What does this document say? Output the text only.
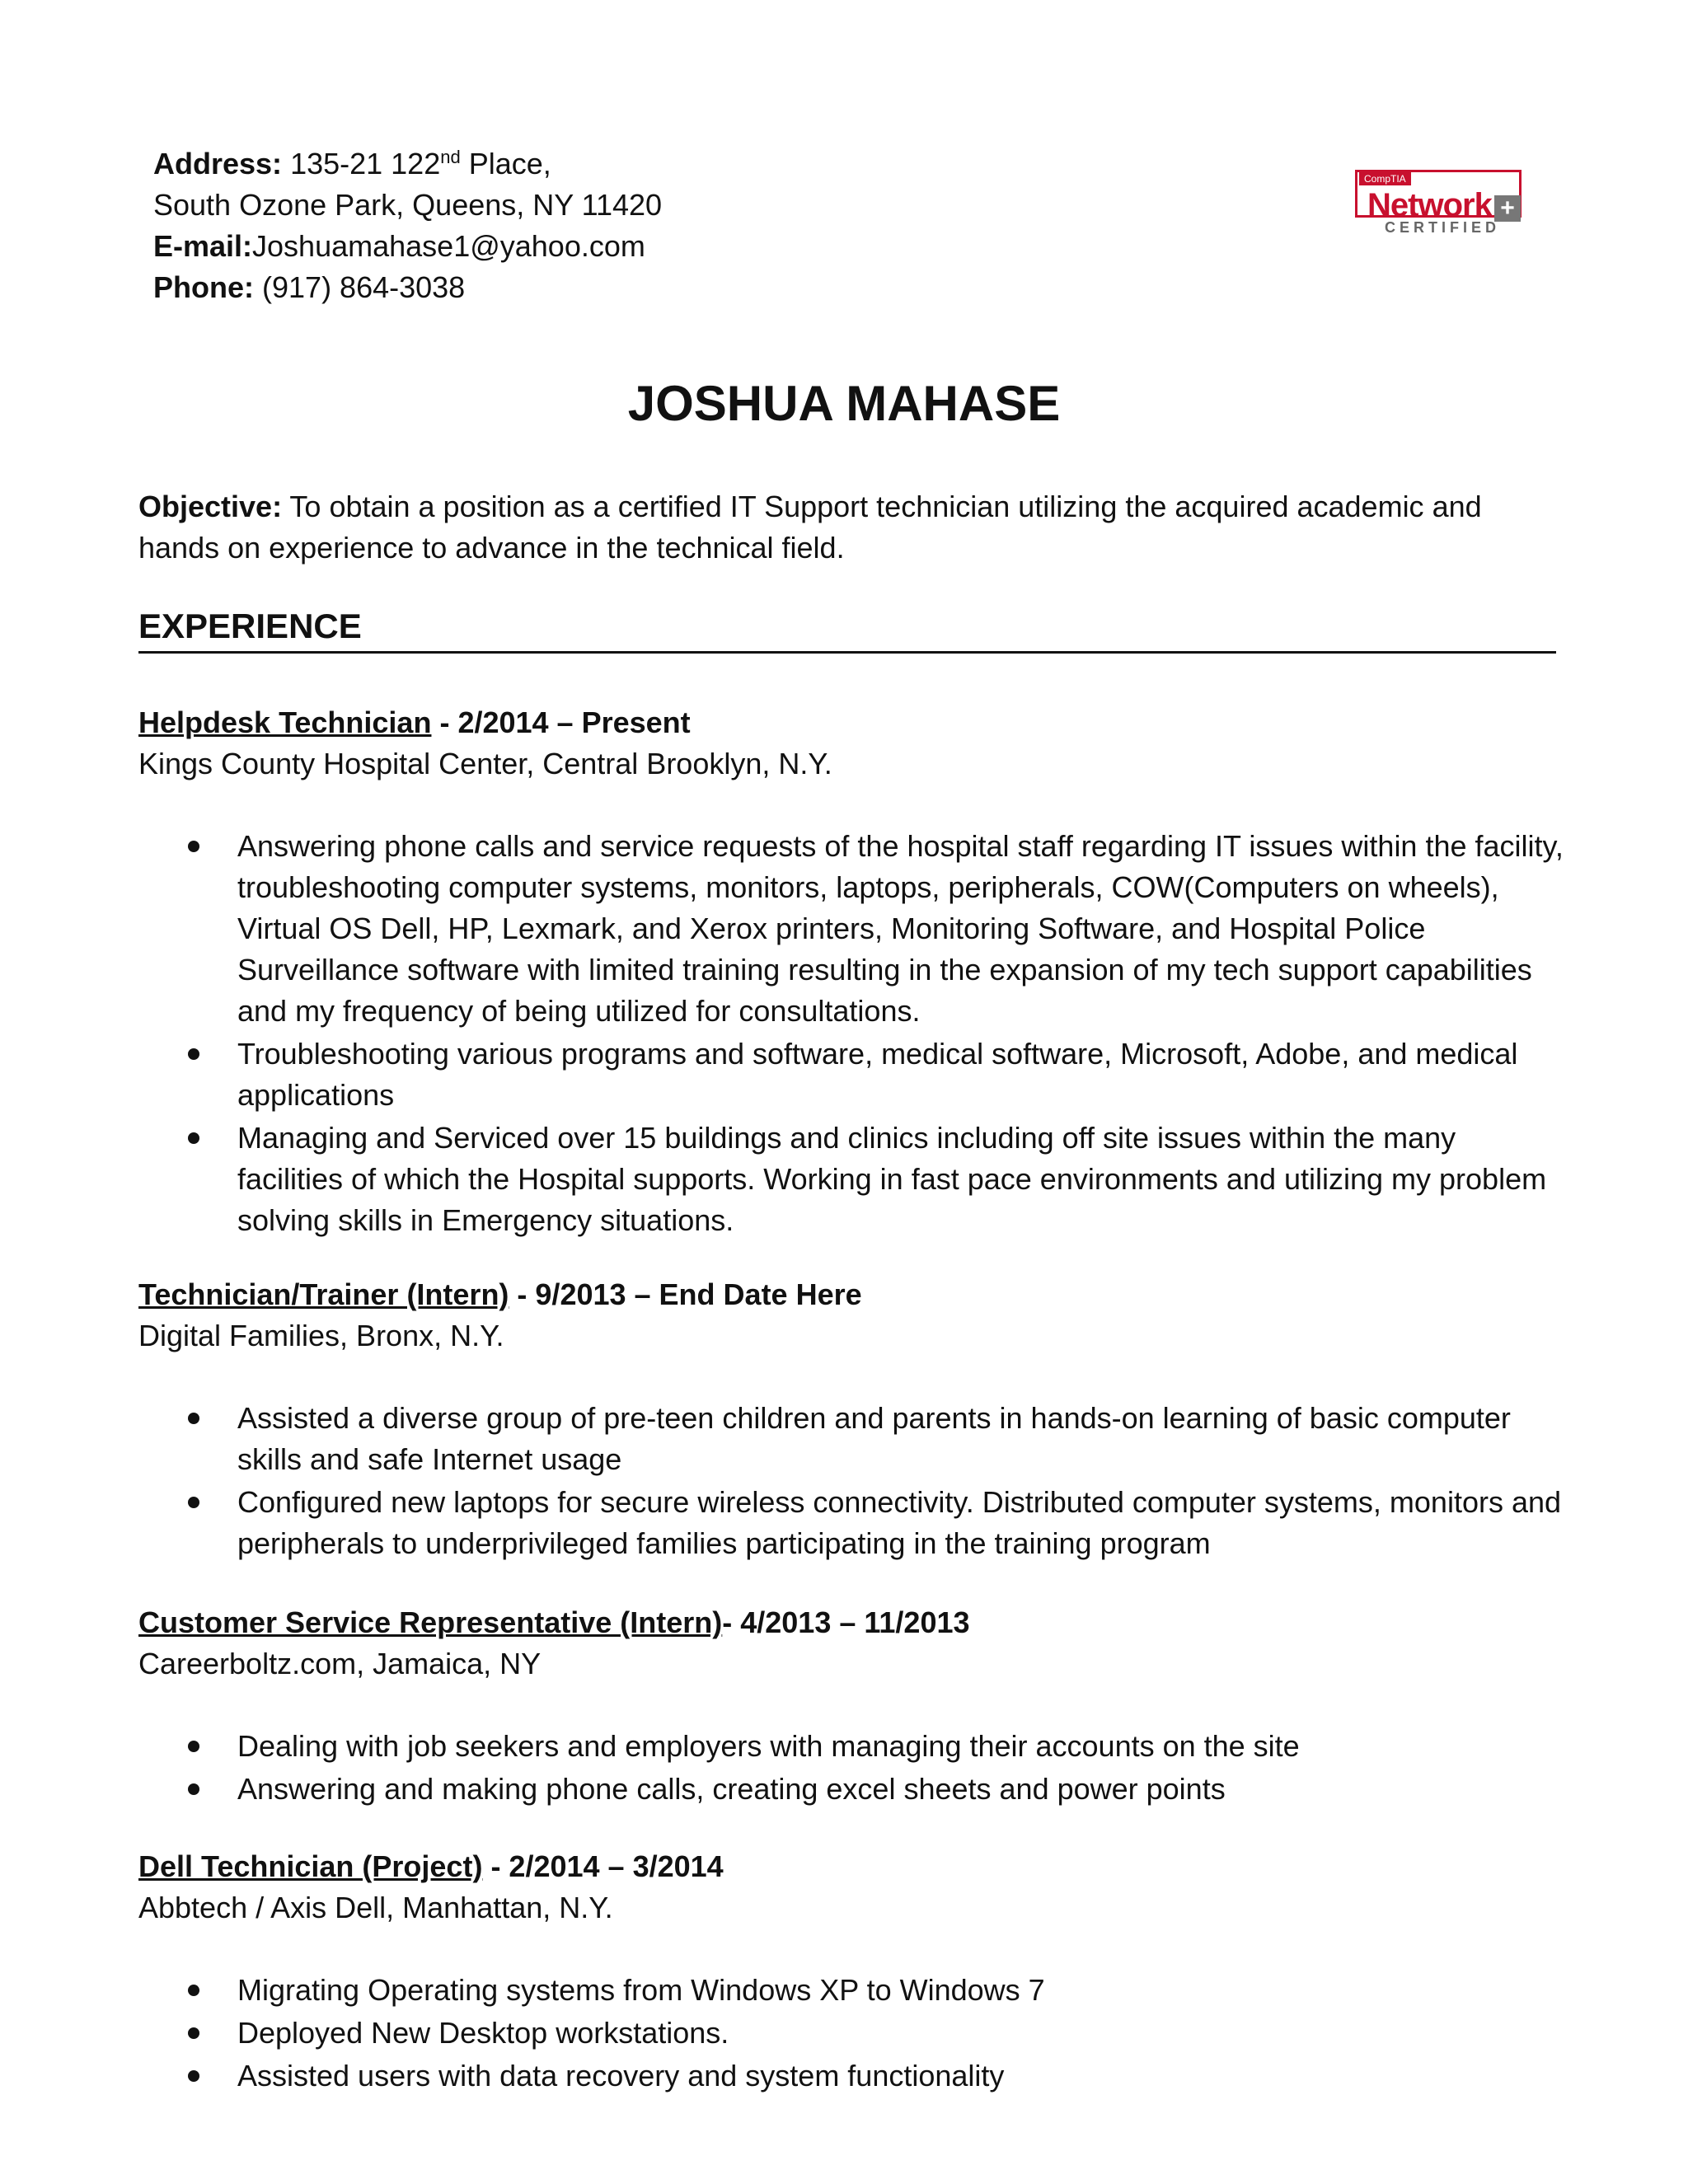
Address: 135-21 122nd Place,
South Ozone Park, Queens, NY 11420
E-mail:Joshuamahase1@yahoo.com
Phone: (917) 864-3038
CompTIA
Network +
CERTIFIED
JOSHUA MAHASE
Objective: To obtain a position as a certified IT Support technician utilizing the acquired academic and hands on experience to advance in the technical field.
EXPERIENCE
Helpdesk Technician - 2/2014 – Present
Kings County Hospital Center, Central Brooklyn, N.Y.
Answering phone calls and service requests of the hospital staff regarding IT issues within the facility, troubleshooting computer systems, monitors, laptops, peripherals, COW(Computers on wheels), Virtual OS Dell, HP, Lexmark, and Xerox printers, Monitoring Software, and Hospital Police Surveillance software with limited training resulting in the expansion of my tech support capabilities and my frequency of being utilized for consultations.
Troubleshooting various programs and software, medical software, Microsoft, Adobe, and medical applications
Managing and Serviced over 15 buildings and clinics including off site issues within the many facilities of which the Hospital supports. Working in fast pace environments and utilizing my problem solving skills in Emergency situations.
Technician/Trainer (Intern) - 9/2013 – End Date Here
Digital Families, Bronx, N.Y.
Assisted a diverse group of pre-teen children and parents in hands-on learning of basic computer skills and safe Internet usage
Configured new laptops for secure wireless connectivity. Distributed computer systems, monitors and peripherals to underprivileged families participating in the training program
Customer Service Representative (Intern)- 4/2013 – 11/2013
Careerboltz.com, Jamaica, NY
Dealing with job seekers and employers with managing their accounts on the site
Answering and making phone calls, creating excel sheets and power points
Dell Technician (Project) - 2/2014 – 3/2014
Abbtech / Axis Dell, Manhattan, N.Y.
Migrating Operating systems from Windows XP to Windows 7
Deployed New Desktop workstations.
Assisted users with data recovery and system functionality
